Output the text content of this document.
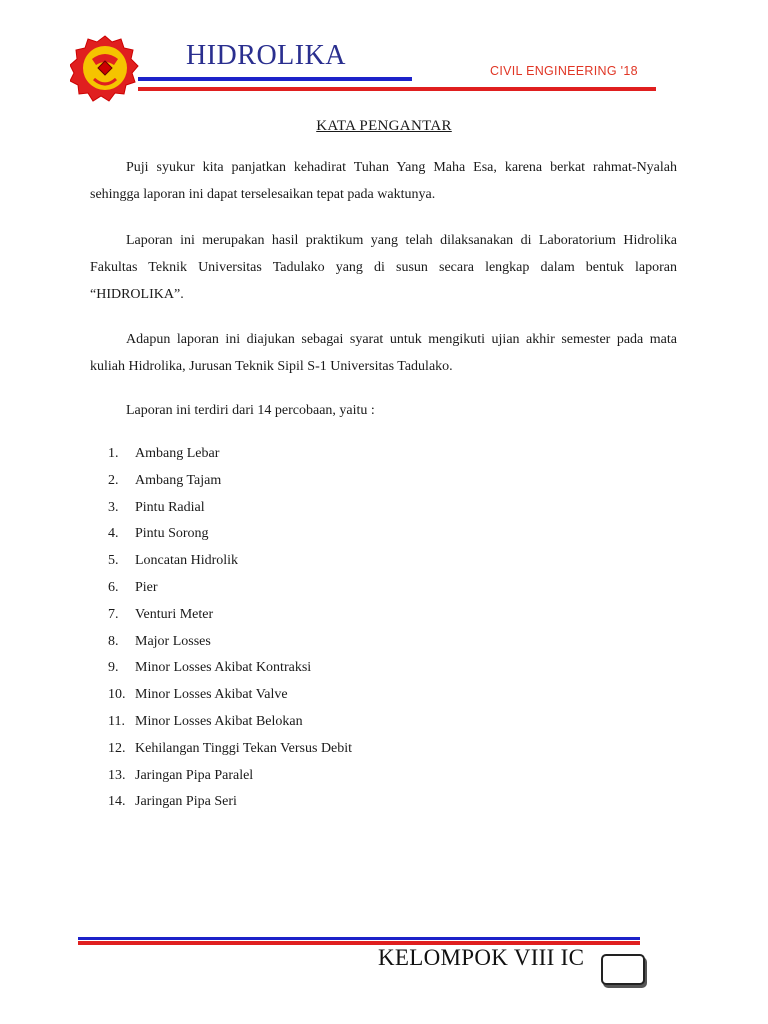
HIDROLIKA	CIVIL ENGINEERING '18
KATA PENGANTAR

Puji syukur kita panjatkan kehadirat Tuhan Yang Maha Esa, karena berkat rahmat-Nyalah sehingga laporan ini dapat terselesaikan tepat pada waktunya.

Laporan ini merupakan hasil praktikum yang telah dilaksanakan di Laboratorium Hidrolika Fakultas Teknik Universitas Tadulako yang di susun secara lengkap dalam bentuk laporan “HIDROLIKA”.

Adapun laporan ini diajukan sebagai syarat untuk mengikuti ujian akhir semester pada mata kuliah Hidrolika, Jurusan Teknik Sipil S-1 Universitas Tadulako.

Laporan ini terdiri dari 14 percobaan, yaitu :

1.	Ambang Lebar
2.	Ambang Tajam
3.	Pintu Radial
4.	Pintu Sorong
5.	Loncatan Hidrolik
6.	Pier
7.	Venturi Meter
8.	Major Losses
9.	Minor Losses Akibat Kontraksi
10. Minor Losses Akibat Valve
11. Minor Losses Akibat Belokan
12. Kehilangan Tinggi Tekan Versus Debit
13. Jaringan Pipa Paralel
14. Jaringan Pipa Seri
KELOMPOK VIII IC
